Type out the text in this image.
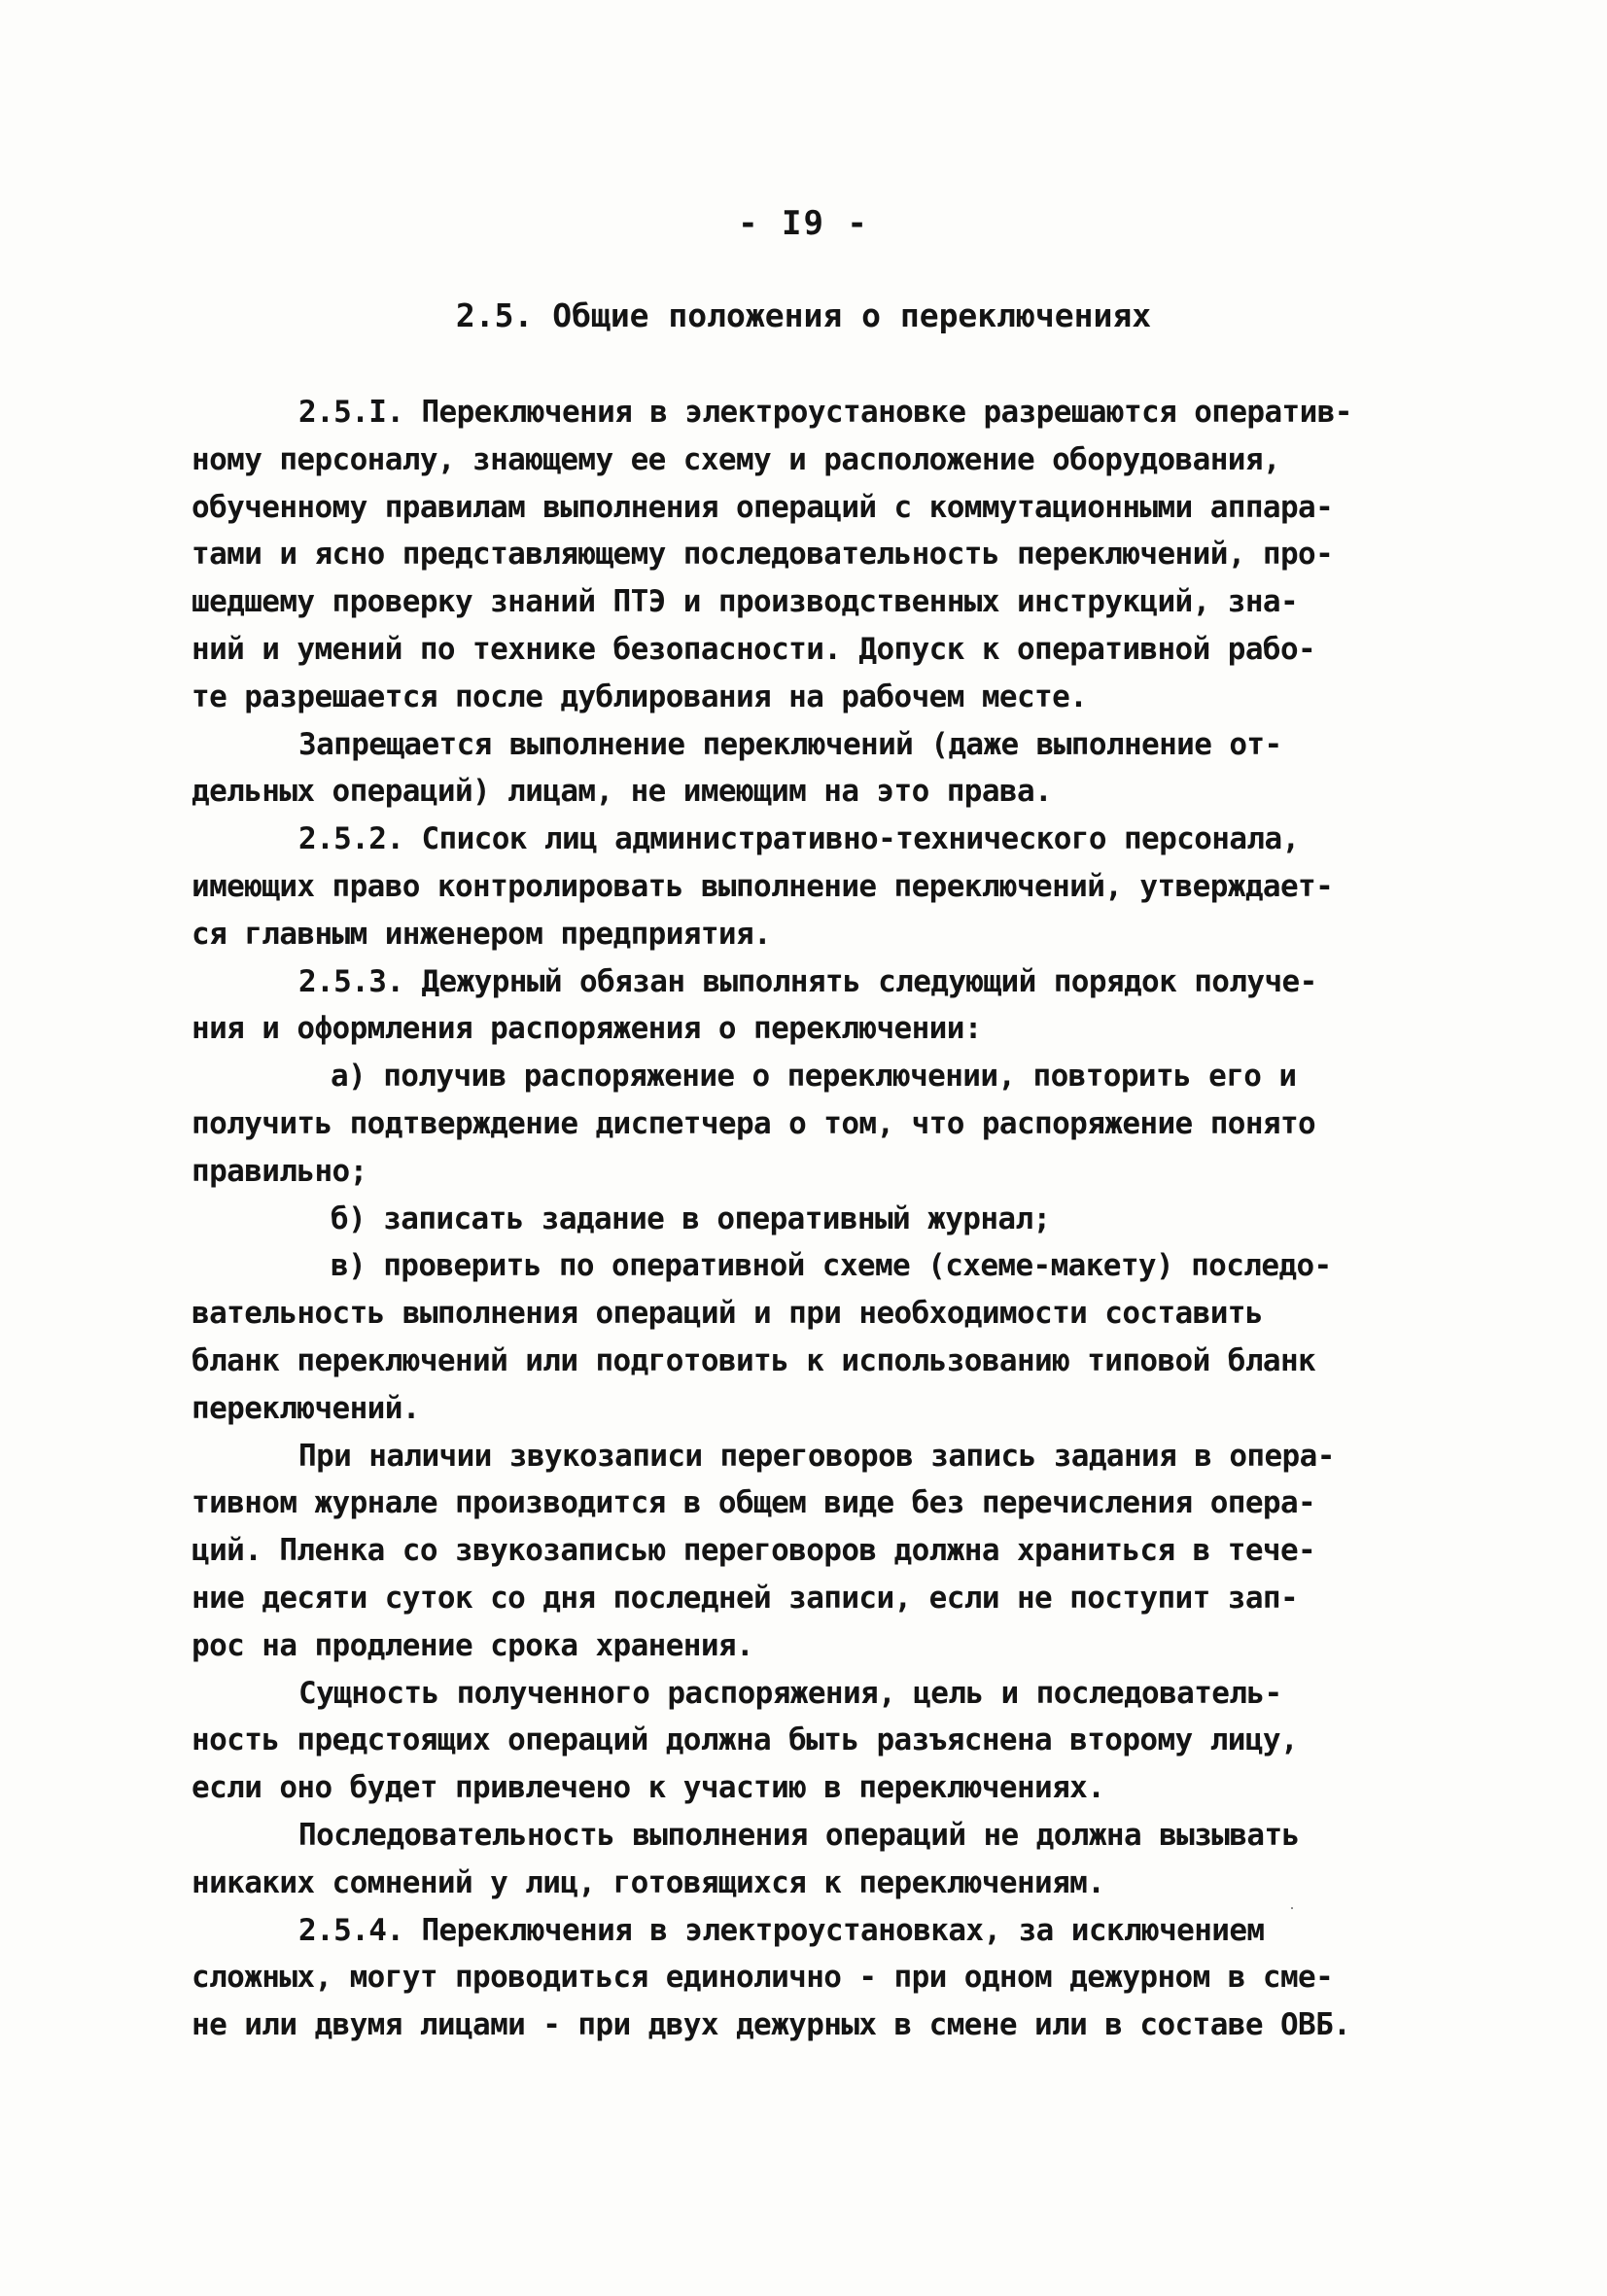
- I9 -
2.5. Общие положения о переключениях
2.5.I. Переключения в электроустановке разрешаются оператив-
ному персоналу, знающему ее схему и расположение оборудования,
обученному правилам выполнения операций с коммутационными аппара-
тами и ясно представляющему последовательность переключений, про-
шедшему проверку знаний ПТЭ и производственных инструкций, зна-
ний и умений по технике безопасности. Допуск к оперативной рабо-
те разрешается после дублирования на рабочем месте.
Запрещается выполнение переключений (даже выполнение от-
дельных операций) лицам, не имеющим на это права.
2.5.2. Список лиц административно-технического персонала,
имеющих право контролировать выполнение переключений, утверждает-
ся главным инженером предприятия.
2.5.3. Дежурный обязан выполнять следующий порядок получе-
ния и оформления распоряжения о переключении:
а) получив распоряжение о переключении, повторить его и
получить подтверждение диспетчера о том, что распоряжение понято
правильно;
б) записать задание в оперативный журнал;
в) проверить по оперативной схеме (схеме-макету) последо-
вательность выполнения операций и при необходимости составить
бланк переключений или подготовить к использованию типовой бланк
переключений.
При наличии звукозаписи переговоров запись задания в опера-
тивном журнале производится в общем виде без перечисления опера-
ций. Пленка со звукозаписью переговоров должна храниться в тече-
ние десяти суток со дня последней записи, если не поступит зап-
рос на продление срока хранения.
Сущность полученного распоряжения, цель и последователь-
ность предстоящих операций должна быть разъяснена второму лицу,
если оно будет привлечено к участию в переключениях.
Последовательность выполнения операций не должна вызывать
никаких сомнений у лиц, готовящихся к переключениям.
2.5.4. Переключения в электроустановках, за исключением
сложных, могут проводиться единолично - при одном дежурном в сме-
не или двумя лицами - при двух дежурных в смене или в составе ОВБ.
